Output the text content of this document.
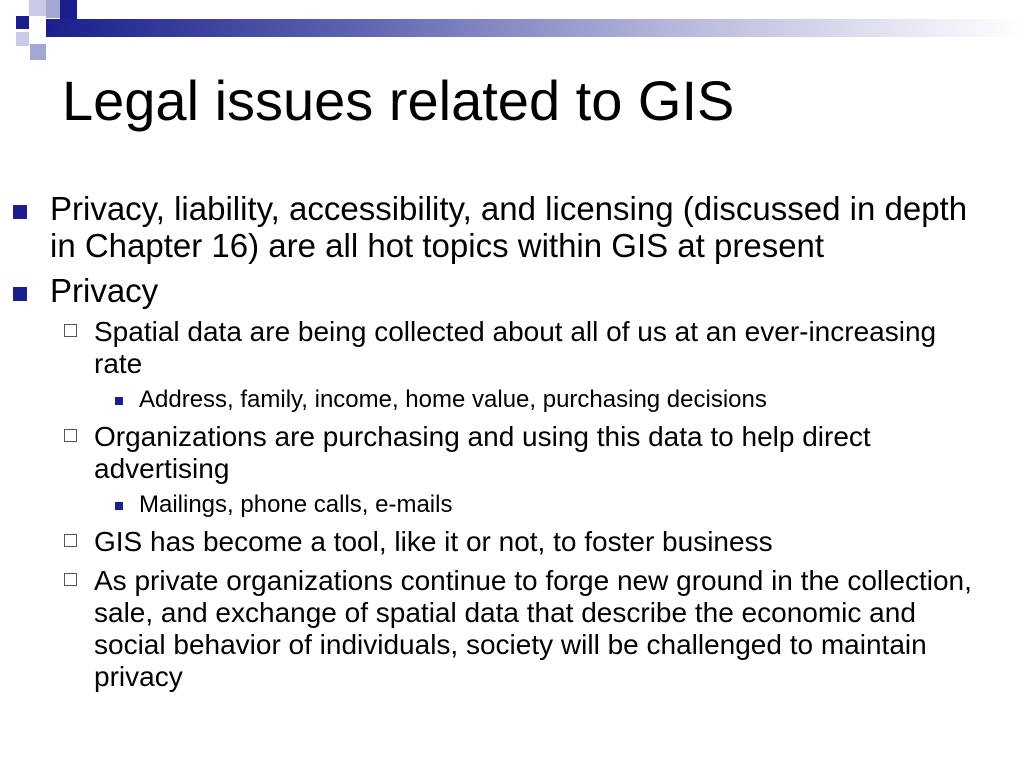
Legal issues related to GIS
Privacy, liability, accessibility, and licensing (discussed in depth in Chapter 16) are all hot topics within GIS at present
Privacy
Spatial data are being collected about all of us at an ever-increasing rate
Address, family, income, home value, purchasing decisions
Organizations are purchasing and using this data to help direct advertising
Mailings, phone calls, e-mails
GIS has become a tool, like it or not, to foster business
As private organizations continue to forge new ground in the collection, sale, and exchange of spatial data that describe the economic and social behavior of individuals, society will be challenged to maintain privacy
